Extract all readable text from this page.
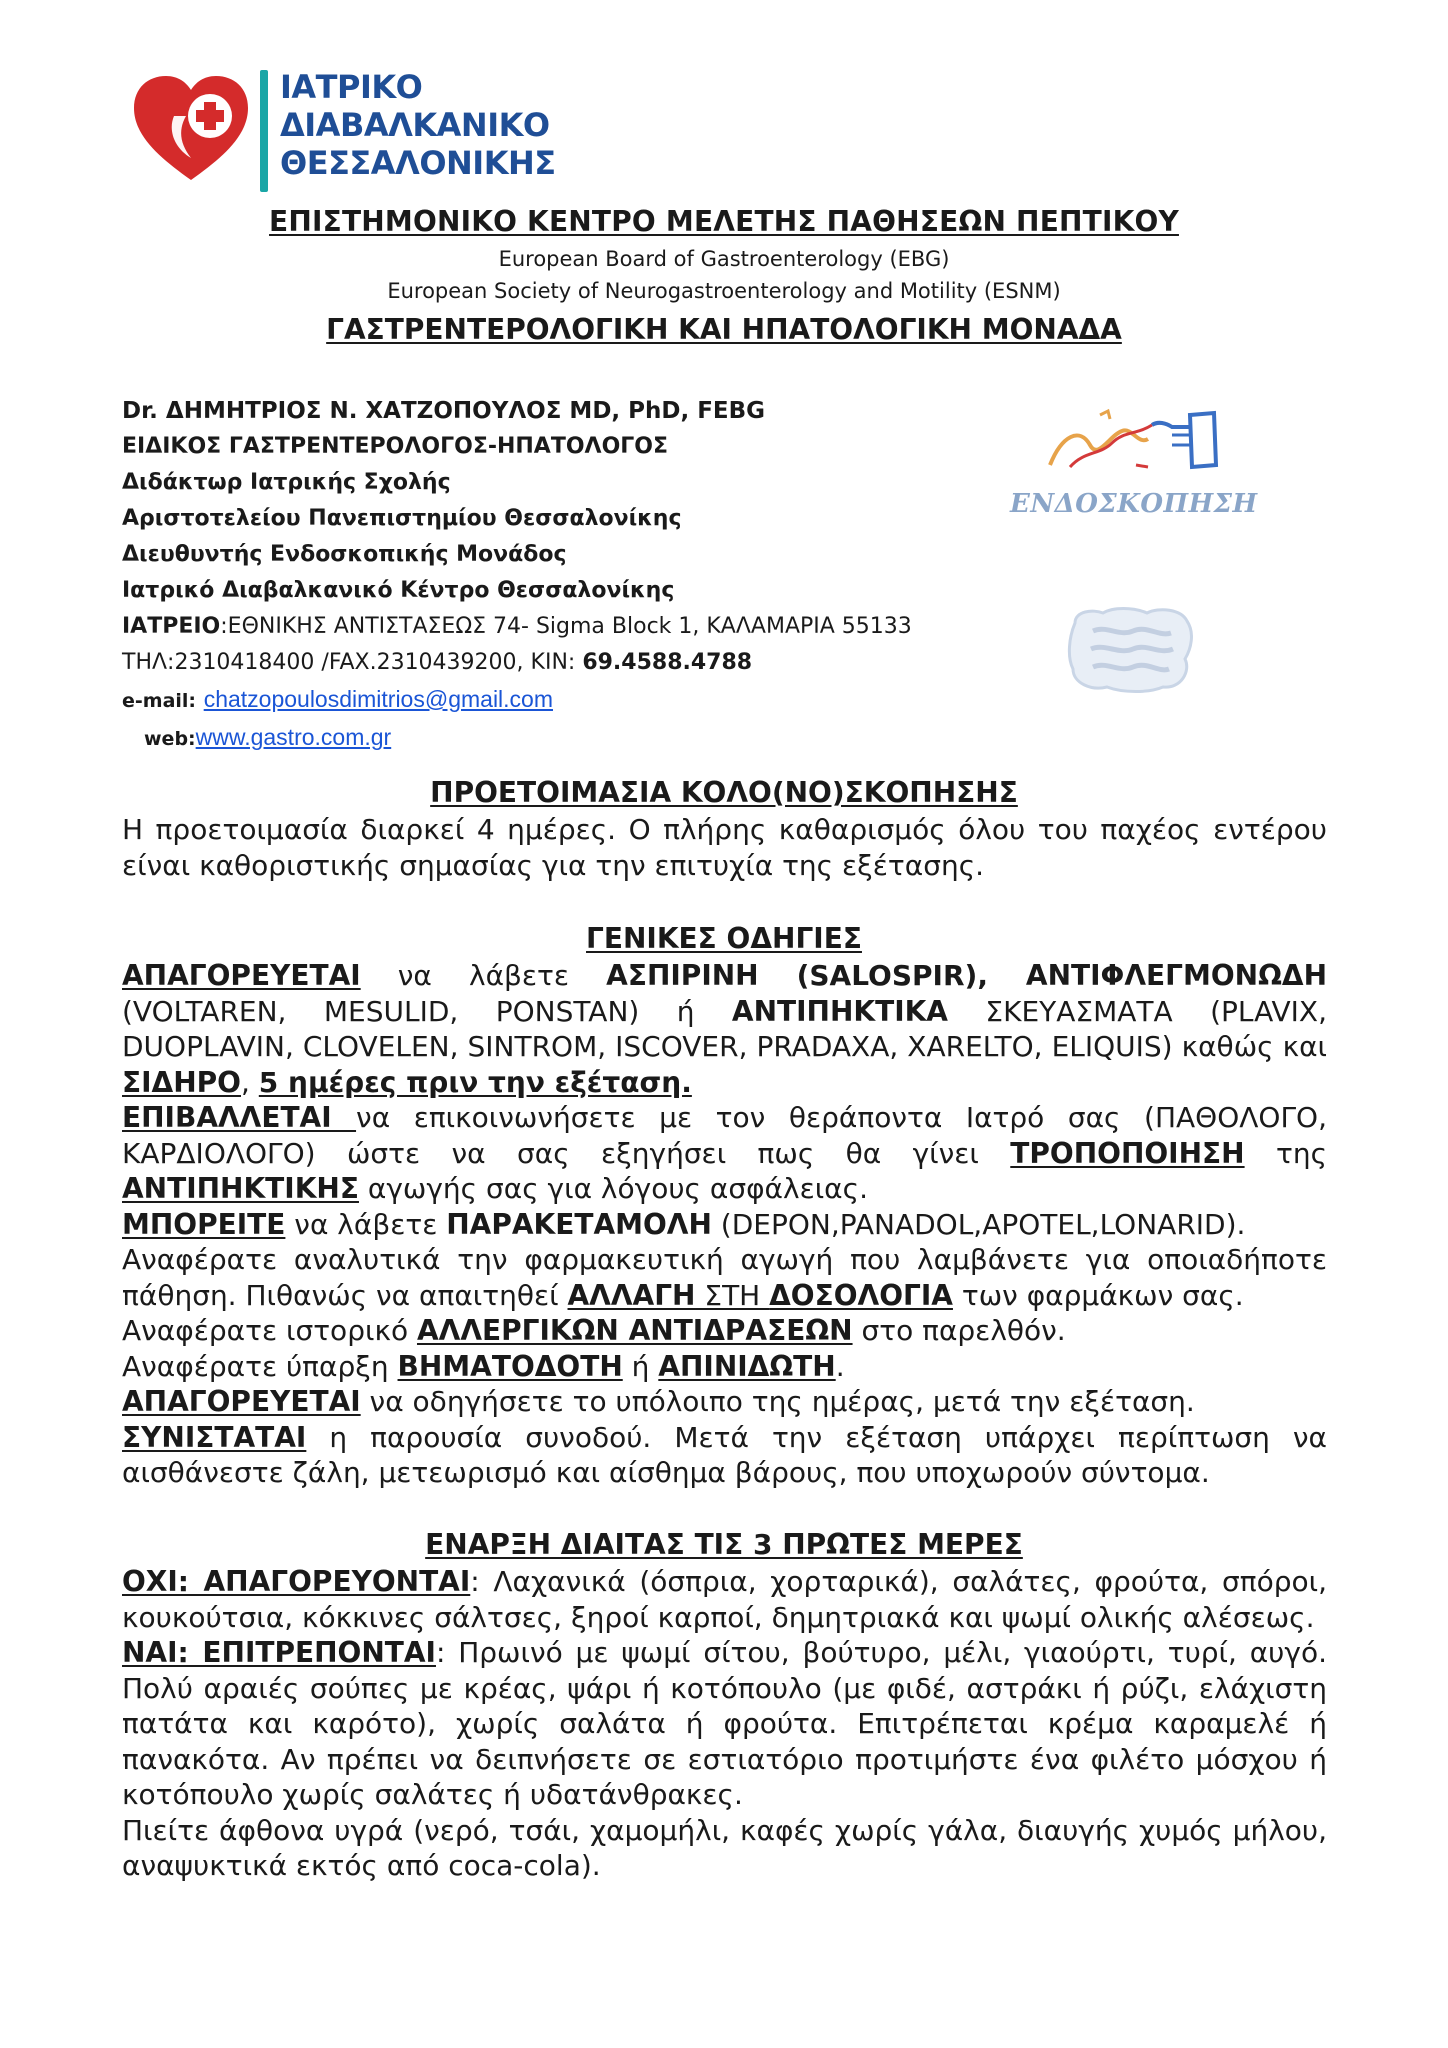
ΙΑΤΡΙΚΟ
ΔΙΑΒΑΛΚΑΝΙΚΟ
ΘΕΣΣΑΛΟΝΙΚΗΣ
ΕΠΙΣΤΗΜΟΝΙΚΟ ΚΕΝΤΡΟ ΜΕΛΕΤΗΣ ΠΑΘΗΣΕΩΝ ΠΕΠΤΙΚΟΥ
European Board of Gastroenterology (EBG)
European Society of Neurogastroenterology and Motility (ESNM)
ΓΑΣΤΡΕΝΤΕΡΟΛΟΓΙΚΗ ΚΑΙ ΗΠΑΤΟΛΟΓΙΚΗ ΜΟΝΑΔΑ
Dr. ΔΗΜΗΤΡΙΟΣ Ν. ΧΑΤΖΟΠΟΥΛΟΣ MD, PhD, FEBG
ΕΙΔΙΚΟΣ ΓΑΣΤΡΕΝΤΕΡΟΛΟΓΟΣ-ΗΠΑΤΟΛΟΓΟΣ
Διδάκτωρ Ιατρικής Σχολής
Αριστοτελείου Πανεπιστημίου Θεσσαλονίκης
Διευθυντής Ενδοσκοπικής Μονάδος
Ιατρικό Διαβαλκανικό Κέντρο Θεσσαλονίκης
ΙΑΤΡΕΙΟ:ΕΘΝΙΚΗΣ ΑΝΤΙΣΤΑΣΕΩΣ 74- Sigma Block 1, ΚΑΛΑΜΑΡΙΑ 55133
ΤΗΛ:2310418400 /FAX.2310439200, ΚΙΝ: 69.4588.4788
e-mail: chatzopoulosdimitrios@gmail.com
web:www.gastro.com.gr
ΕΝΔΟΣΚΟΠΗΣΗ
ΠΡΟΕΤΟΙΜΑΣΙΑ ΚΟΛΟ(ΝΟ)ΣΚΟΠΗΣΗΣ

Η προετοιμασία διαρκεί 4 ημέρες. Ο πλήρης καθαρισμός όλου του παχέος εντέρου είναι καθοριστικής σημασίας για την επιτυχία της εξέτασης.

ΓΕΝΙΚΕΣ ΟΔΗΓΙΕΣ

ΑΠΑΓΟΡΕΥΕΤΑΙ να λάβετε ΑΣΠΙΡΙΝΗ (SALOSPIR), ΑΝΤΙΦΛΕΓΜΟΝΩΔΗ (VOLTAREN, MESULID, PONSTAN) ή ΑΝΤΙΠΗΚΤΙΚΑ ΣΚΕΥΑΣΜΑΤΑ (PLAVIX, DUOPLAVIN, CLOVELEN, SINTROM, ISCOVER, PRADAXA, XARELTO, ELIQUIS) καθώς και ΣΙΔΗΡΟ, 5 ημέρες πριν την εξέταση.

ΕΠΙΒΑΛΛΕΤΑΙ να επικοινωνήσετε με τον θεράποντα Ιατρό σας (ΠΑΘΟΛΟΓΟ, ΚΑΡΔΙΟΛΟΓΟ) ώστε να σας εξηγήσει πως θα γίνει ΤΡΟΠΟΠΟΙΗΣΗ της ΑΝΤΙΠΗΚΤΙΚΗΣ αγωγής σας για λόγους ασφάλειας.

ΜΠΟΡΕΙΤΕ να λάβετε ΠΑΡΑΚΕΤΑΜΟΛΗ (DEPON,PANADOL,APOTEL,LONARID).

Αναφέρατε αναλυτικά την φαρμακευτική αγωγή που λαμβάνετε για οποιαδήποτε πάθηση. Πιθανώς να απαιτηθεί ΑΛΛΑΓΗ ΣΤΗ ΔΟΣΟΛΟΓΙΑ των φαρμάκων σας.

Αναφέρατε ιστορικό ΑΛΛΕΡΓΙΚΩΝ ΑΝΤΙΔΡΑΣΕΩΝ στο παρελθόν.

Αναφέρατε ύπαρξη ΒΗΜΑΤΟΔΟΤΗ ή ΑΠΙΝΙΔΩΤΗ.

ΑΠΑΓΟΡΕΥΕΤΑΙ να οδηγήσετε το υπόλοιπο της ημέρας, μετά την εξέταση.

ΣΥΝΙΣΤΑΤΑΙ η παρουσία συνοδού. Μετά την εξέταση υπάρχει περίπτωση να αισθάνεστε ζάλη, μετεωρισμό και αίσθημα βάρους, που υποχωρούν σύντομα.

ΕΝΑΡΞΗ ΔΙΑΙΤΑΣ ΤΙΣ 3 ΠΡΩΤΕΣ ΜΕΡΕΣ

ΟΧΙ: ΑΠΑΓΟΡΕΥΟΝΤΑΙ: Λαχανικά (όσπρια, χορταρικά), σαλάτες, φρούτα, σπόροι, κουκούτσια, κόκκινες σάλτσες, ξηροί καρποί, δημητριακά και ψωμί ολικής αλέσεως.

ΝΑΙ: ΕΠΙΤΡΕΠΟΝΤΑΙ: Πρωινό με ψωμί σίτου, βούτυρο, μέλι, γιαούρτι, τυρί, αυγό. Πολύ αραιές σούπες με κρέας, ψάρι ή κοτόπουλο (με φιδέ, αστράκι ή ρύζι, ελάχιστη πατάτα και καρότο), χωρίς σαλάτα ή φρούτα. Επιτρέπεται κρέμα καραμελέ ή πανακότα. Αν πρέπει να δειπνήσετε σε εστιατόριο προτιμήστε ένα φιλέτο μόσχου ή κοτόπουλο χωρίς σαλάτες ή υδατάνθρακες.

Πιείτε άφθονα υγρά (νερό, τσάι, χαμομήλι, καφές χωρίς γάλα, διαυγής χυμός μήλου, αναψυκτικά εκτός από coca-cola).
